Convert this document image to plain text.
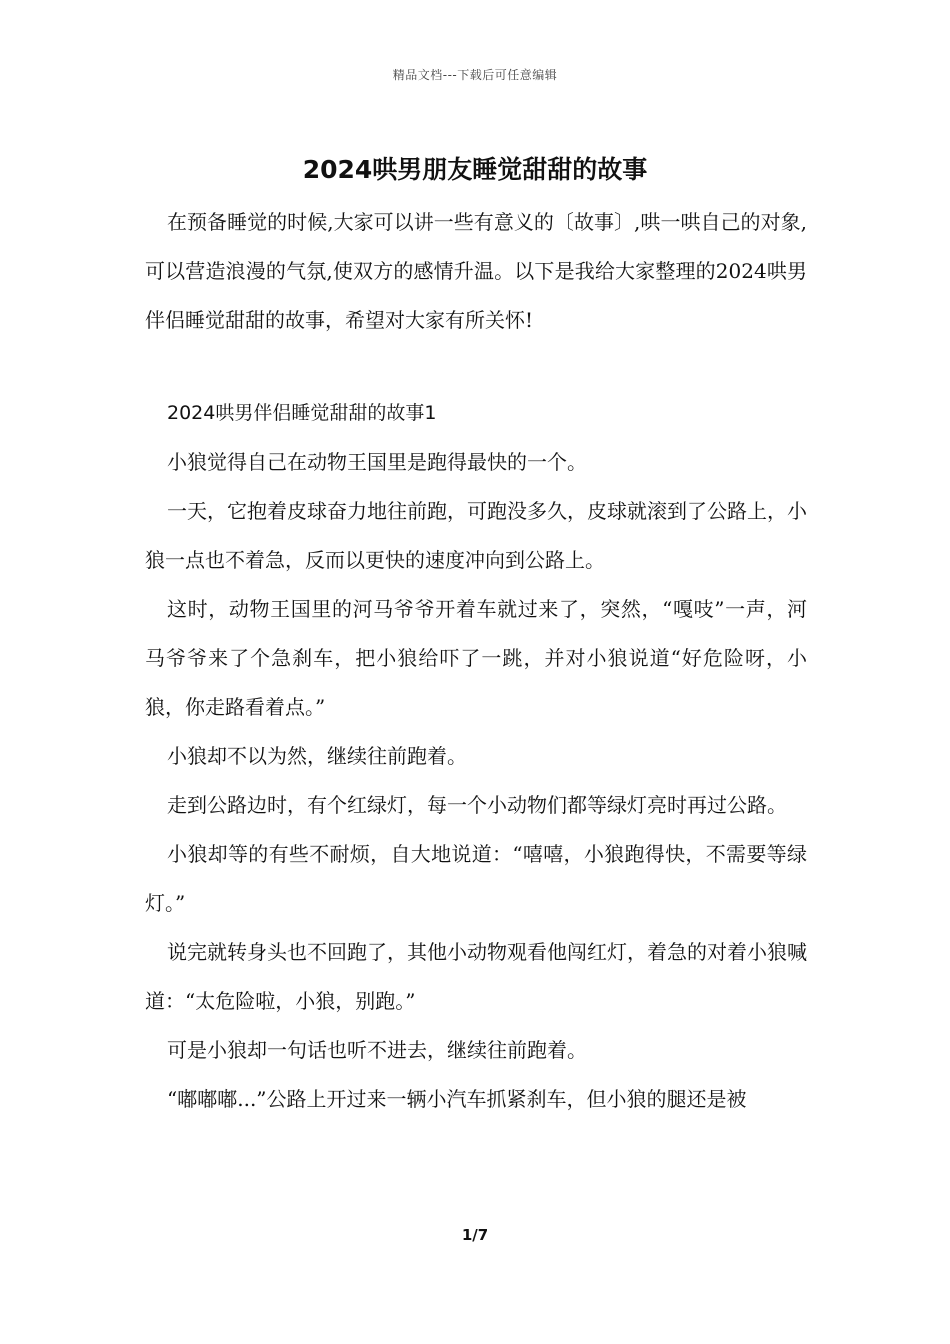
精品文档---下载后可任意编辑
2024哄男朋友睡觉甜甜的故事

在预备睡觉的时候,大家可以讲一些有意义的〔故事〕,哄一哄自己的对象,可以营造浪漫的气氛,使双方的感情升温。以下是我给大家整理的2024哄男伴侣睡觉甜甜的故事，希望对大家有所关怀!

2024哄男伴侣睡觉甜甜的故事1

小狼觉得自己在动物王国里是跑得最快的一个。

一天，它抱着皮球奋力地往前跑，可跑没多久，皮球就滚到了公路上，小狼一点也不着急，反而以更快的速度冲向到公路上。

这时，动物王国里的河马爷爷开着车就过来了，突然，“嘎吱”一声，河马爷爷来了个急刹车，把小狼给吓了一跳，并对小狼说道“好危险呀，小狼，你走路看着点。”

小狼却不以为然，继续往前跑着。

走到公路边时，有个红绿灯，每一个小动物们都等绿灯亮时再过公路。

小狼却等的有些不耐烦，自大地说道：“嘻嘻，小狼跑得快，不需要等绿灯。”

说完就转身头也不回跑了，其他小动物观看他闯红灯，着急的对着小狼喊道：“太危险啦，小狼，别跑。”

可是小狼却一句话也听不进去，继续往前跑着。

“嘟嘟嘟...”公路上开过来一辆小汽车抓紧刹车，但小狼的腿还是被

1/7
